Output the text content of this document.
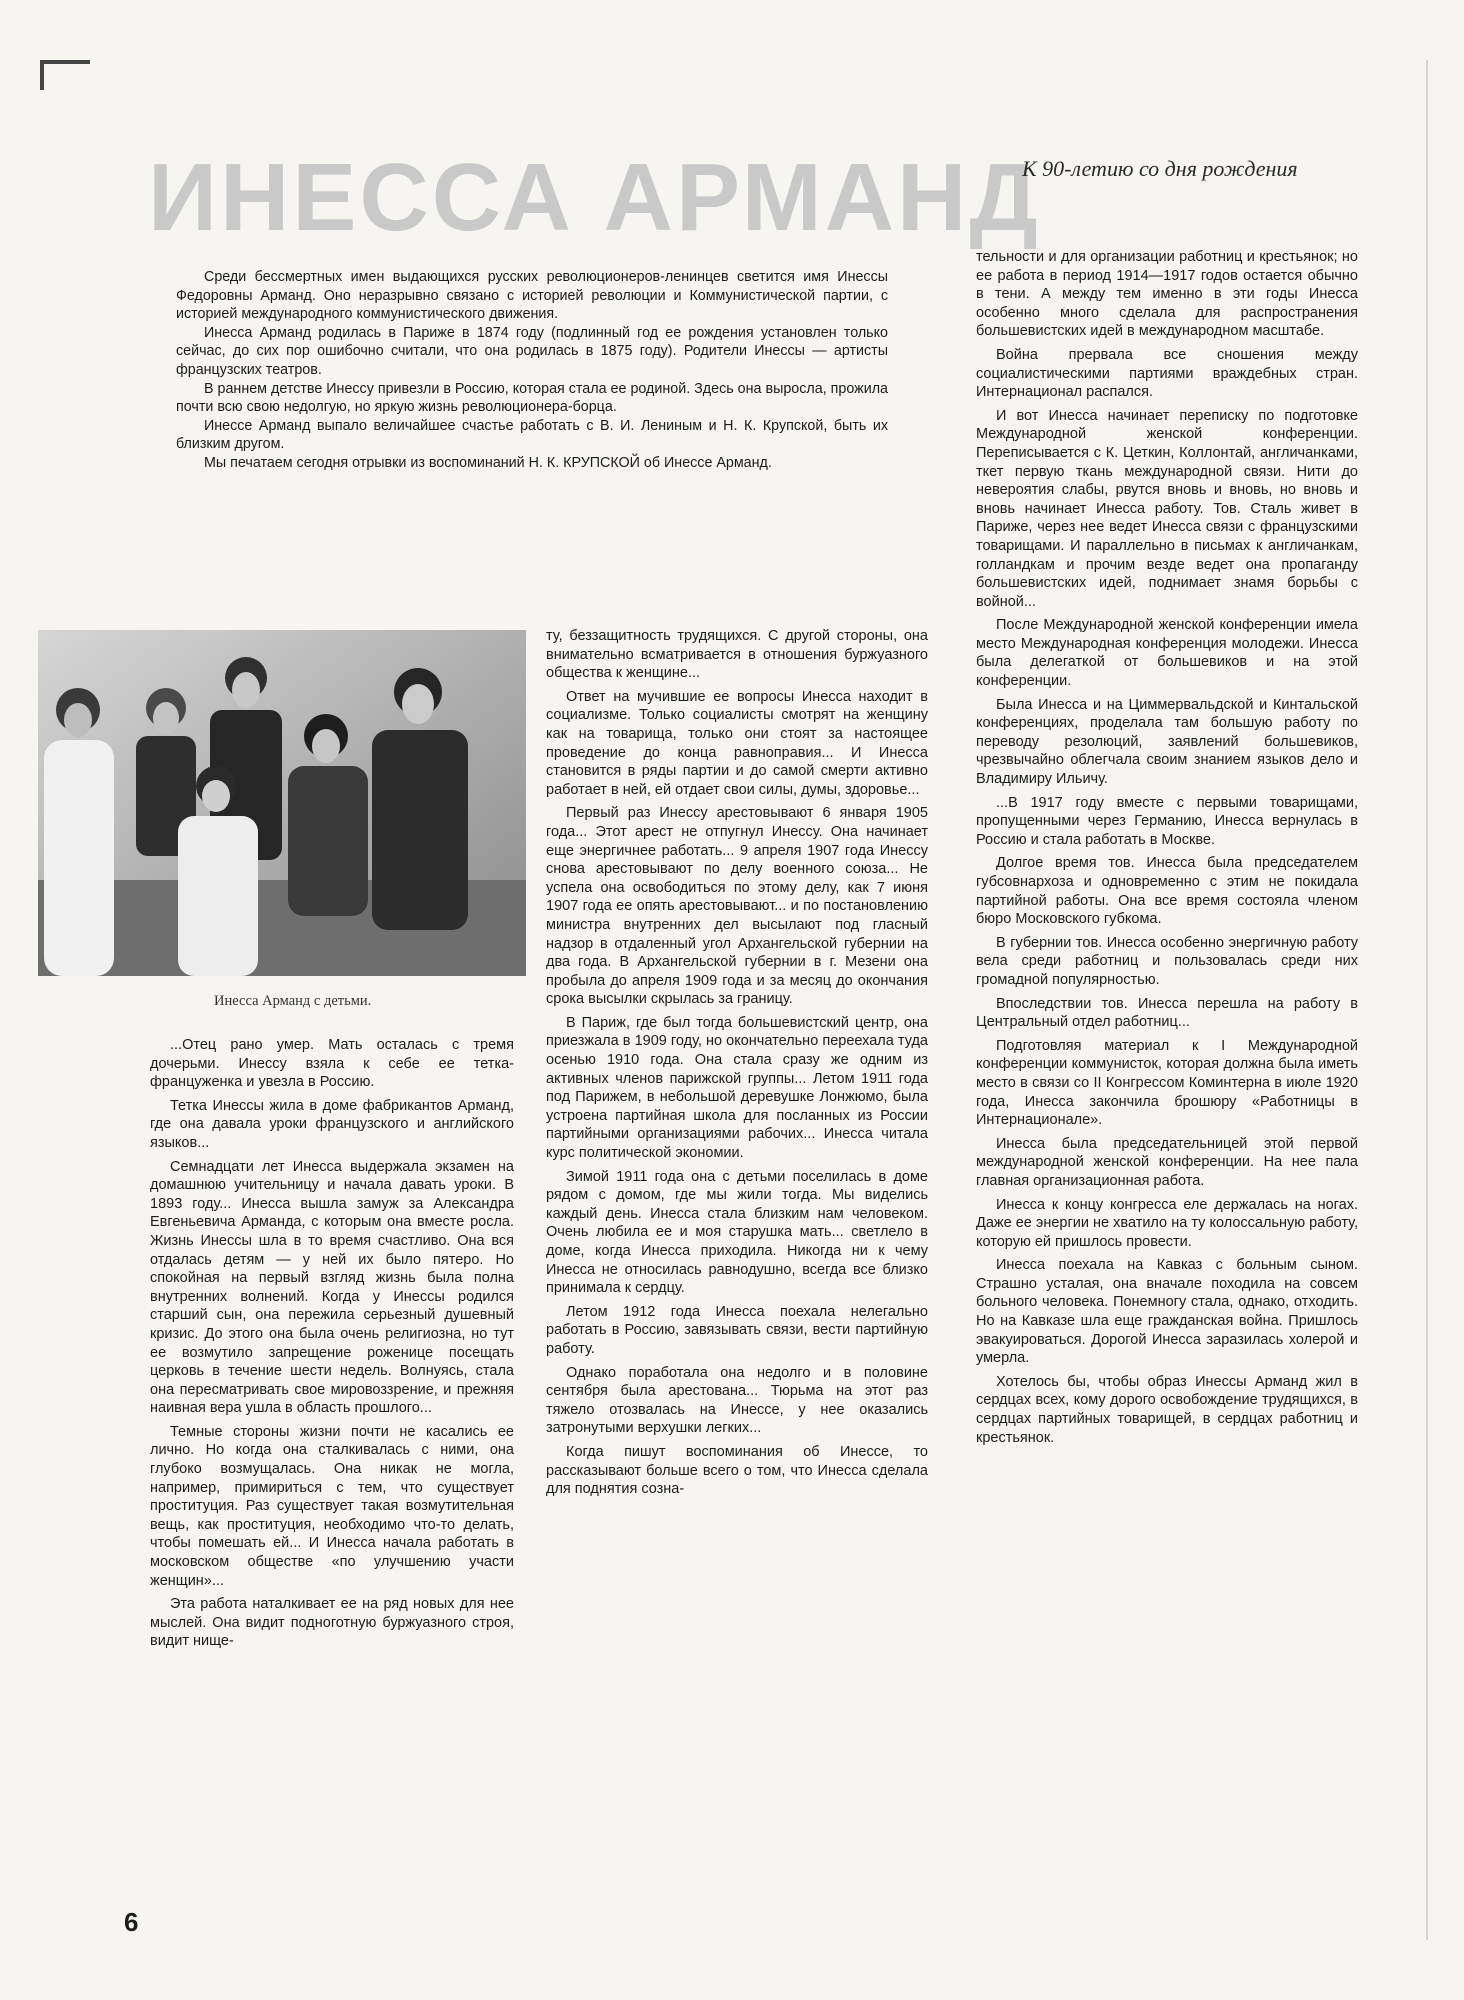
ИНЕССА АРМАНД
К 90-летию со дня рождения

Среди бессмертных имен выдающихся русских революционеров-ленинцев светится имя Инессы Федоровны Арманд. Оно неразрывно связано с историей революции и Коммунистической партии, с историей международного коммунистического движения.

Инесса Арманд родилась в Париже в 1874 году (подлинный год ее рождения установлен только сейчас, до сих пор ошибочно считали, что она родилась в 1875 году). Родители Инессы — артисты французских театров.

В раннем детстве Инессу привезли в Россию, которая стала ее родиной. Здесь она выросла, прожила почти всю свою недолгую, но яркую жизнь революционера-борца.

Инессе Арманд выпало величайшее счастье работать с В. И. Лениным и Н. К. Крупской, быть их близким другом.

Мы печатаем сегодня отрывки из воспоминаний Н. К. КРУПСКОЙ об Инессе Арманд.

Инесса Арманд с детьми.

...Отец рано умер. Мать осталась с тремя дочерьми. Инессу взяла к себе ее тетка-француженка и увезла в Россию.

Тетка Инессы жила в доме фабрикантов Арманд, где она давала уроки французского и английского языков...

Семнадцати лет Инесса выдержала экзамен на домашнюю учительницу и начала давать уроки. В 1893 году... Инесса вышла замуж за Александра Евгеньевича Арманда, с которым она вместе росла. Жизнь Инессы шла в то время счастливо. Она вся отдалась детям — у ней их было пятеро. Но спокойная на первый взгляд жизнь была полна внутренних волнений. Когда у Инессы родился старший сын, она пережила серьезный душевный кризис. До этого она была очень религиозна, но тут ее возмутило запрещение роженице посещать церковь в течение шести недель. Волнуясь, стала она пересматривать свое мировоззрение, и прежняя наивная вера ушла в область прошлого...

Темные стороны жизни почти не касались ее лично. Но когда она сталкивалась с ними, она глубоко возмущалась. Она никак не могла, например, примириться с тем, что существует проституция. Раз существует такая возмутительная вещь, как проституция, необходимо что-то делать, чтобы помешать ей... И Инесса начала работать в московском обществе «по улучшению участи женщин»...

Эта работа наталкивает ее на ряд новых для нее мыслей. Она видит подноготную буржуазного строя, видит нище-

ту, беззащитность трудящихся. С другой стороны, она внимательно всматривается в отношения буржуазного общества к женщине...

Ответ на мучившие ее вопросы Инесса находит в социализме. Только социалисты смотрят на женщину как на товарища, только они стоят за настоящее проведение до конца равноправия... И Инесса становится в ряды партии и до самой смерти активно работает в ней, ей отдает свои силы, думы, здоровье...

Первый раз Инессу арестовывают 6 января 1905 года... Этот арест не отпугнул Инессу. Она начинает еще энергичнее работать... 9 апреля 1907 года Инессу снова арестовывают по делу военного союза... Не успела она освободиться по этому делу, как 7 июня 1907 года ее опять арестовывают... и по постановлению министра внутренних дел высылают под гласный надзор в отдаленный угол Архангельской губернии на два года. В Архангельской губернии в г. Мезени она пробыла до апреля 1909 года и за месяц до окончания срока высылки скрылась за границу.

В Париж, где был тогда большевистский центр, она приезжала в 1909 году, но окончательно переехала туда осенью 1910 года. Она стала сразу же одним из активных членов парижской группы... Летом 1911 года под Парижем, в небольшой деревушке Лонжюмо, была устроена партийная школа для посланных из России партийными организациями рабочих... Инесса читала курс политической экономии.

Зимой 1911 года она с детьми поселилась в доме рядом с домом, где мы жили тогда. Мы виделись каждый день. Инесса стала близким нам человеком. Очень любила ее и моя старушка мать... светлело в доме, когда Инесса приходила. Никогда ни к чему Инесса не относилась равнодушно, всегда все близко принимала к сердцу.

Летом 1912 года Инесса поехала нелегально работать в Россию, завязывать связи, вести партийную работу.

Однако поработала она недолго и в половине сентября была арестована... Тюрьма на этот раз тяжело отозвалась на Инессе, у нее оказались затронутыми верхушки легких...

Когда пишут воспоминания об Инессе, то рассказывают больше всего о том, что Инесса сделала для поднятия созна-

тельности и для организации работниц и крестьянок; но ее работа в период 1914—1917 годов остается обычно в тени. А между тем именно в эти годы Инесса особенно много сделала для распространения большевистских идей в международном масштабе.

Война прервала все сношения между социалистическими партиями враждебных стран. Интернационал распался.

И вот Инесса начинает переписку по подготовке Международной женской конференции. Переписывается с К. Цеткин, Коллонтай, англичанками, ткет первую ткань международной связи. Нити до невероятия слабы, рвутся вновь и вновь, но вновь и вновь начинает Инесса работу. Тов. Сталь живет в Париже, через нее ведет Инесса связи с французскими товарищами. И параллельно в письмах к англичанкам, голландкам и прочим везде ведет она пропаганду большевистских идей, поднимает знамя борьбы с войной...

После Международной женской конференции имела место Международная конференция молодежи. Инесса была делегаткой от большевиков и на этой конференции.

Была Инесса и на Циммервальдской и Кинтальской конференциях, проделала там большую работу по переводу резолюций, заявлений большевиков, чрезвычайно облегчала своим знанием языков дело и Владимиру Ильичу.

...В 1917 году вместе с первыми товарищами, пропущенными через Германию, Инесса вернулась в Россию и стала работать в Москве.

Долгое время тов. Инесса была председателем губсовнархоза и одновременно с этим не покидала партийной работы. Она все время состояла членом бюро Московского губкома.

В губернии тов. Инесса особенно энергичную работу вела среди работниц и пользовалась среди них громадной популярностью.

Впоследствии тов. Инесса перешла на работу в Центральный отдел работниц...

Подготовляя материал к I Международной конференции коммунисток, которая должна была иметь место в связи со II Конгрессом Коминтерна в июле 1920 года, Инесса закончила брошюру «Работницы в Интернационале».

Инесса была председательницей этой первой международной женской конференции. На нее пала главная организационная работа.

Инесса к концу конгресса еле держалась на ногах. Даже ее энергии не хватило на ту колоссальную работу, которую ей пришлось провести.

Инесса поехала на Кавказ с больным сыном. Страшно усталая, она вначале походила на совсем больного человека. Понемногу стала, однако, отходить. Но на Кавказе шла еще гражданская война. Пришлось эвакуироваться. Дорогой Инесса заразилась холерой и умерла.

Хотелось бы, чтобы образ Инессы Арманд жил в сердцах всех, кому дорого освобождение трудящихся, в сердцах партийных товарищей, в сердцах работниц и крестьянок.

6
